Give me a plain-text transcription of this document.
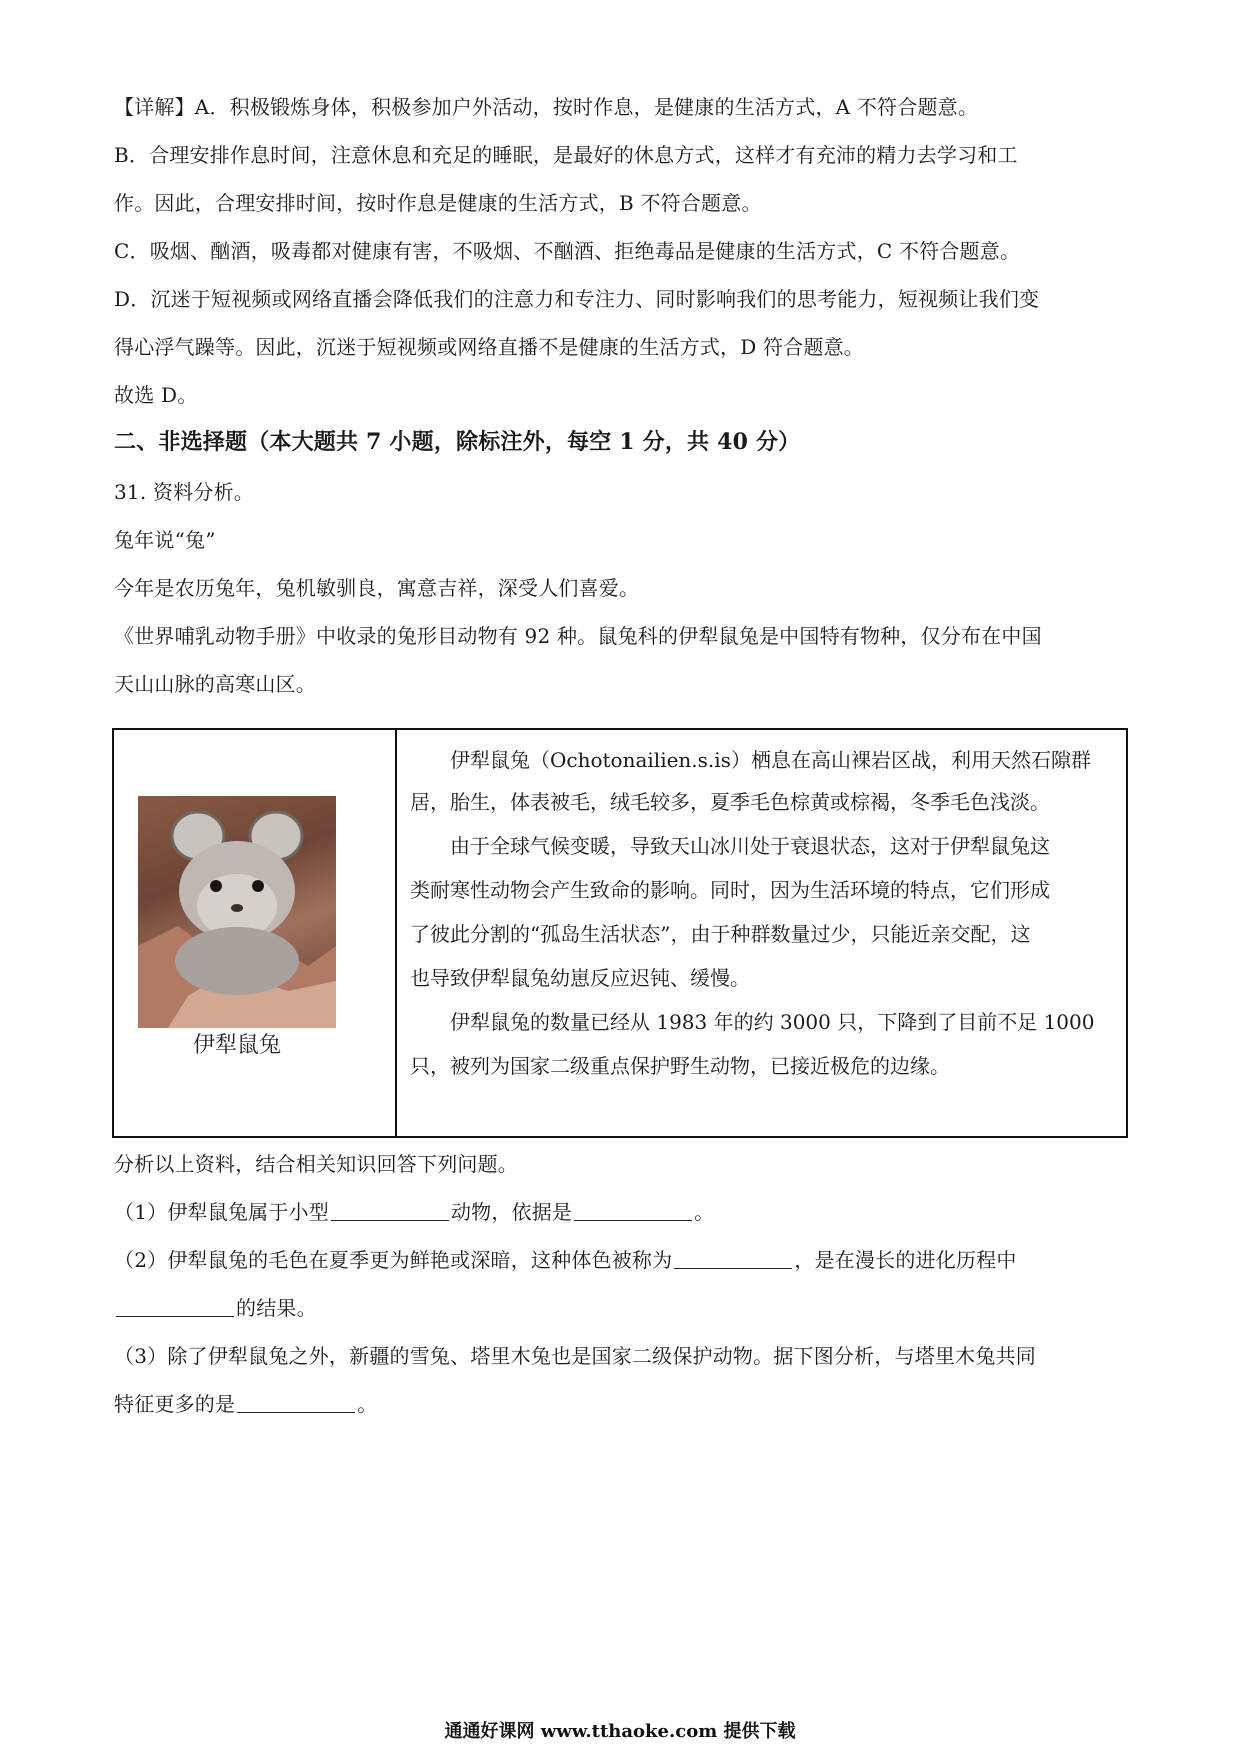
【详解】A．积极锻炼身体，积极参加户外活动，按时作息，是健康的生活方式，A 不符合题意。
B．合理安排作息时间，注意休息和充足的睡眠，是最好的休息方式，这样才有充沛的精力去学习和工
作。因此，合理安排时间，按时作息是健康的生活方式，B 不符合题意。
C．吸烟、酗酒，吸毒都对健康有害，不吸烟、不酗酒、拒绝毒品是健康的生活方式，C 不符合题意。
D．沉迷于短视频或网络直播会降低我们的注意力和专注力、同时影响我们的思考能力，短视频让我们变
得心浮气躁等。因此，沉迷于短视频或网络直播不是健康的生活方式，D 符合题意。
故选 D。
二、非选择题（本大题共 7 小题，除标注外，每空 1 分，共 40 分）
31. 资料分析。
兔年说“兔”
今年是农历兔年，兔机敏驯良，寓意吉祥，深受人们喜爱。
《世界哺乳动物手册》中收录的兔形目动物有 92 种。鼠兔科的伊犁鼠兔是中国特有物种，仅分布在中国
天山山脉的高寒山区。
伊犁鼠兔
伊犁鼠兔（Ochotonailien.s.is）栖息在高山裸岩区战，利用天然石隙群
居，胎生，体表被毛，绒毛较多，夏季毛色棕黄或棕褐，冬季毛色浅淡。
由于全球气候变暖，导致天山冰川处于衰退状态，这对于伊犁鼠兔这
类耐寒性动物会产生致命的影响。同时，因为生活环境的特点，它们形成
了彼此分割的“孤岛生活状态”，由于种群数量过少，只能近亲交配，这
也导致伊犁鼠兔幼崽反应迟钝、缓慢。
伊犁鼠兔的数量已经从 1983 年的约 3000 只，下降到了目前不足 1000
只，被列为国家二级重点保护野生动物，已接近极危的边缘。
分析以上资料，结合相关知识回答下列问题。
（1）伊犁鼠兔属于小型	动物，依据是	。
（2）伊犁鼠兔的毛色在夏季更为鲜艳或深暗，这种体色被称为	，是在漫长的进化历程中
的结果。
（3）除了伊犁鼠兔之外，新疆的雪兔、塔里木兔也是国家二级保护动物。据下图分析，与塔里木兔共同
特征更多的是	。
通通好课网 www.tthaoke.com 提供下载
